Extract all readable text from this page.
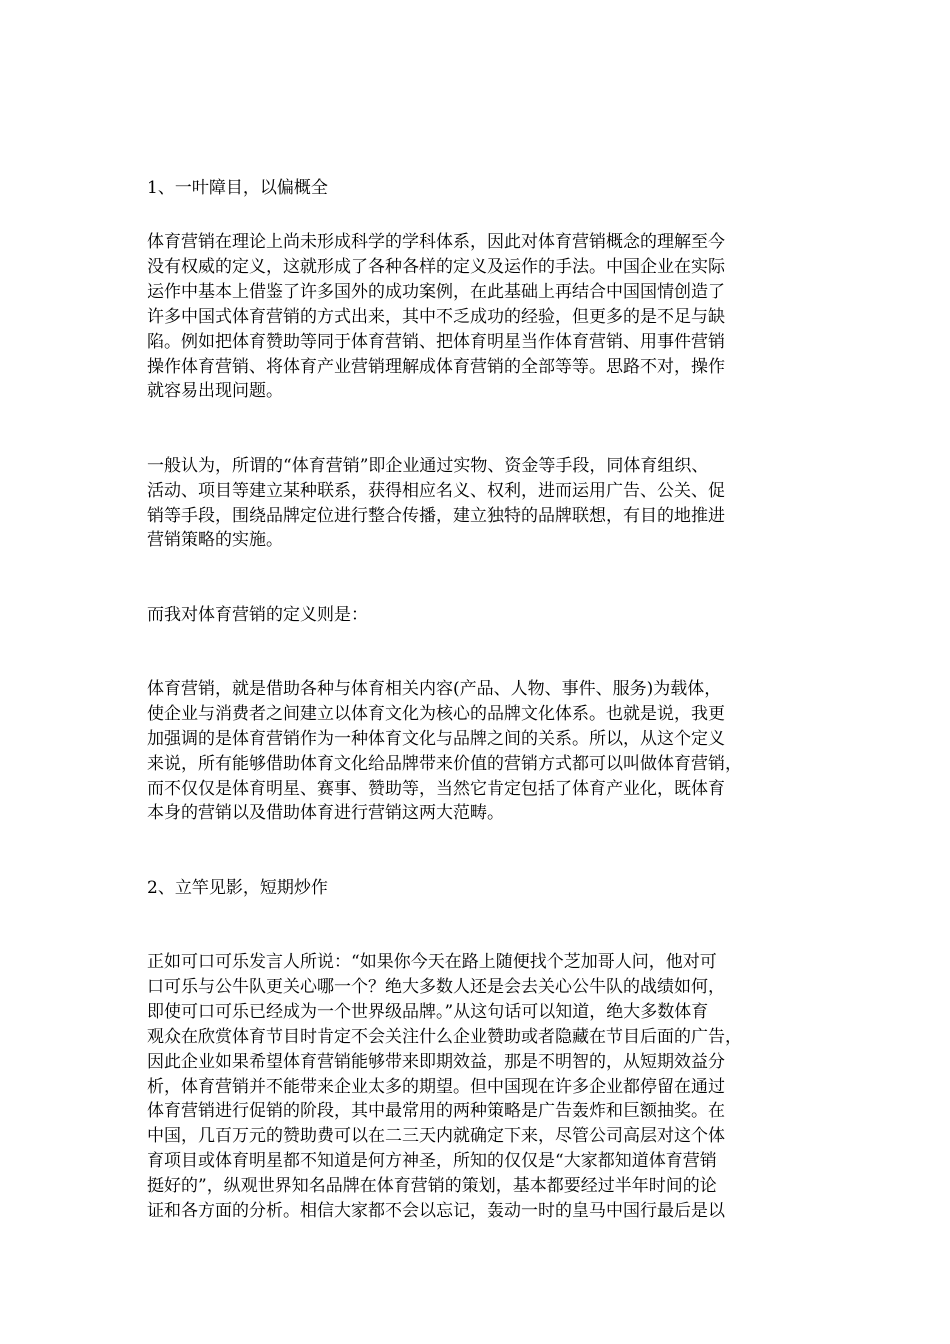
1、一叶障目，以偏概全
体育营销在理论上尚未形成科学的学科体系，因此对体育营销概念的理解至今
没有权威的定义，这就形成了各种各样的定义及运作的手法。中国企业在实际
运作中基本上借鉴了许多国外的成功案例，在此基础上再结合中国国情创造了
许多中国式体育营销的方式出来，其中不乏成功的经验，但更多的是不足与缺
陷。例如把体育赞助等同于体育营销、把体育明星当作体育营销、用事件营销
操作体育营销、将体育产业营销理解成体育营销的全部等等。思路不对，操作
就容易出现问题。
一般认为，所谓的“体育营销”即企业通过实物、资金等手段，同体育组织、
活动、项目等建立某种联系，获得相应名义、权利，进而运用广告、公关、促
销等手段，围绕品牌定位进行整合传播，建立独特的品牌联想，有目的地推进
营销策略的实施。
而我对体育营销的定义则是：
体育营销，就是借助各种与体育相关内容(产品、人物、事件、服务)为载体，
使企业与消费者之间建立以体育文化为核心的品牌文化体系。也就是说，我更
加强调的是体育营销作为一种体育文化与品牌之间的关系。所以，从这个定义
来说，所有能够借助体育文化给品牌带来价值的营销方式都可以叫做体育营销，
而不仅仅是体育明星、赛事、赞助等，当然它肯定包括了体育产业化，既体育
本身的营销以及借助体育进行营销这两大范畴。
2、立竿见影，短期炒作
正如可口可乐发言人所说：“如果你今天在路上随便找个芝加哥人问，他对可
口可乐与公牛队更关心哪一个？绝大多数人还是会去关心公牛队的战绩如何，
即使可口可乐已经成为一个世界级品牌。”从这句话可以知道，绝大多数体育
观众在欣赏体育节目时肯定不会关注什么企业赞助或者隐藏在节目后面的广告，
因此企业如果希望体育营销能够带来即期效益，那是不明智的，从短期效益分
析，体育营销并不能带来企业太多的期望。但中国现在许多企业都停留在通过
体育营销进行促销的阶段，其中最常用的两种策略是广告轰炸和巨额抽奖。在
中国，几百万元的赞助费可以在二三天内就确定下来，尽管公司高层对这个体
育项目或体育明星都不知道是何方神圣，所知的仅仅是“大家都知道体育营销
挺好的”，纵观世界知名品牌在体育营销的策划，基本都要经过半年时间的论
证和各方面的分析。相信大家都不会以忘记，轰动一时的皇马中国行最后是以
